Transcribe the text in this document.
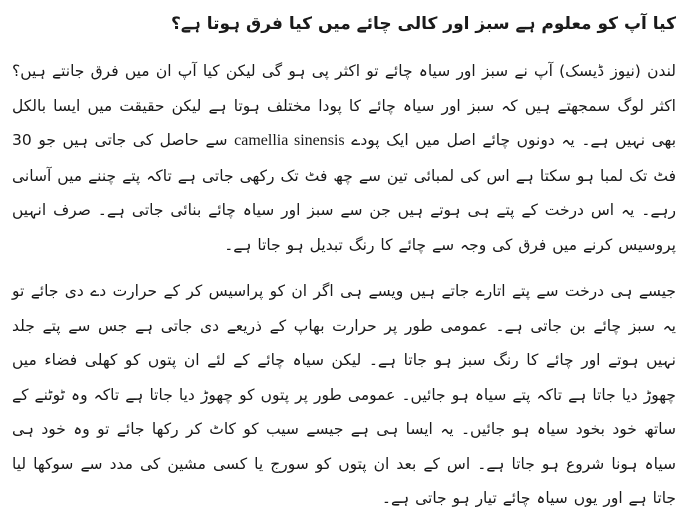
کیا آپ کو معلوم ہے سبز اور کالی چائے میں کیا فرق ہوتا ہے؟

لندن (نیوز ڈیسک) آپ نے سبز اور سیاہ چائے تو اکثر پی ہو گی لیکن کیا آپ ان میں فرق جانتے ہیں؟ اکثر لوگ سمجھتے ہیں کہ سبز اور سیاہ چائے کا پودا مختلف ہوتا ہے لیکن حقیقت میں ایسا بالکل بھی نہیں ہے۔ یہ دونوں چائے اصل میں ایک پودے camellia sinensis سے حاصل کی جاتی ہیں جو 30 فٹ تک لمبا ہو سکتا ہے اس کی لمبائی تین سے چھ فٹ تک رکھی جاتی ہے تاکہ پتے چننے میں آسانی رہے۔ یہ اس درخت کے پتے ہی ہوتے ہیں جن سے سبز اور سیاہ چائے بنائی جاتی ہے۔ صرف انہیں پروسیس کرنے میں فرق کی وجہ سے چائے کا رنگ تبدیل ہو جاتا ہے۔

جیسے ہی درخت سے پتے اتارے جاتے ہیں ویسے ہی اگر ان کو پراسیس کر کے حرارت دے دی جائے تو یہ سبز چائے بن جاتی ہے۔ عمومی طور پر حرارت بھاپ کے ذریعے دی جاتی ہے جس سے پتے جلد نہیں ہوتے اور چائے کا رنگ سبز ہو جاتا ہے۔ لیکن سیاہ چائے کے لئے ان پتوں کو کھلی فضاء میں چھوڑ دیا جاتا ہے تاکہ پتے سیاہ ہو جائیں۔ عمومی طور پر پتوں کو چھوڑ دیا جاتا ہے تاکہ وہ ٹوٹنے کے ساتھ خود بخود سیاہ ہو جائیں۔ یہ ایسا ہی ہے جیسے سیب کو کاٹ کر رکھا جائے تو وہ خود ہی سیاہ ہونا شروع ہو جاتا ہے۔ اس کے بعد ان پتوں کو سورج یا کسی مشین کی مدد سے سوکھا لیا جاتا ہے اور یوں سیاہ چائے تیار ہو جاتی ہے۔
